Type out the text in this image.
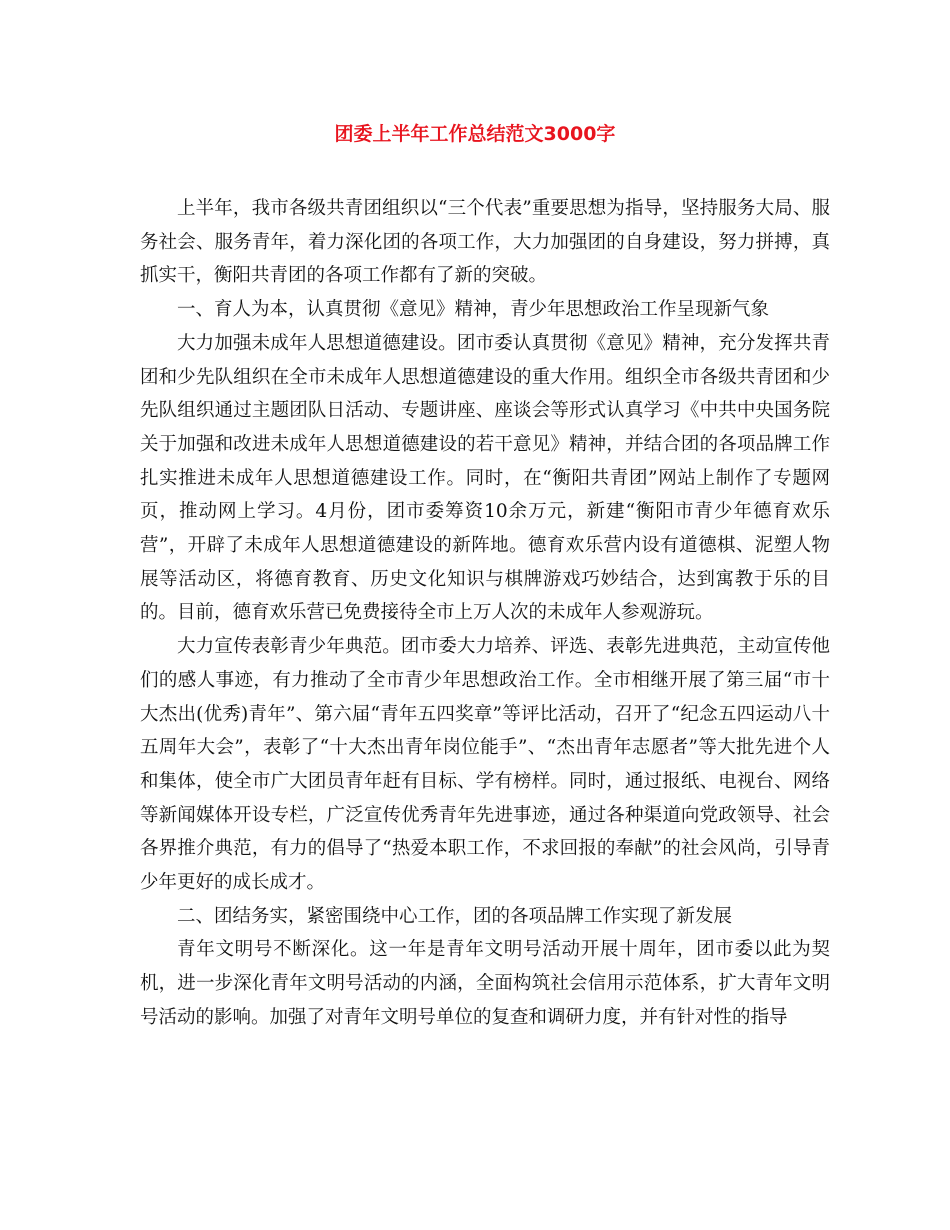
团委上半年工作总结范文3000字

上半年，我市各级共青团组织以“三个代表”重要思想为指导，坚持服务大局、服务社会、服务青年，着力深化团的各项工作，大力加强团的自身建设，努力拼搏，真抓实干，衡阳共青团的各项工作都有了新的突破。

一、育人为本，认真贯彻《意见》精神，青少年思想政治工作呈现新气象

大力加强未成年人思想道德建设。团市委认真贯彻《意见》精神，充分发挥共青团和少先队组织在全市未成年人思想道德建设的重大作用。组织全市各级共青团和少先队组织通过主题团队日活动、专题讲座、座谈会等形式认真学习《中共中央国务院关于加强和改进未成年人思想道德建设的若干意见》精神，并结合团的各项品牌工作扎实推进未成年人思想道德建设工作。同时，在“衡阳共青团”网站上制作了专题网页，推动网上学习。4月份，团市委筹资10余万元，新建“衡阳市青少年德育欢乐营”，开辟了未成年人思想道德建设的新阵地。德育欢乐营内设有道德棋、泥塑人物展等活动区，将德育教育、历史文化知识与棋牌游戏巧妙结合，达到寓教于乐的目的。目前，德育欢乐营已免费接待全市上万人次的未成年人参观游玩。

大力宣传表彰青少年典范。团市委大力培养、评选、表彰先进典范，主动宣传他们的感人事迹，有力推动了全市青少年思想政治工作。全市相继开展了第三届“市十大杰出(优秀)青年”、第六届“青年五四奖章”等评比活动，召开了“纪念五四运动八十五周年大会”，表彰了“十大杰出青年岗位能手”、“杰出青年志愿者”等大批先进个人和集体，使全市广大团员青年赶有目标、学有榜样。同时，通过报纸、电视台、网络等新闻媒体开设专栏，广泛宣传优秀青年先进事迹，通过各种渠道向党政领导、社会各界推介典范，有力的倡导了“热爱本职工作，不求回报的奉献”的社会风尚，引导青少年更好的成长成才。

二、团结务实，紧密围绕中心工作，团的各项品牌工作实现了新发展

青年文明号不断深化。这一年是青年文明号活动开展十周年，团市委以此为契机，进一步深化青年文明号活动的内涵，全面构筑社会信用示范体系，扩大青年文明号活动的影响。加强了对青年文明号单位的复查和调研力度，并有针对性的指导
